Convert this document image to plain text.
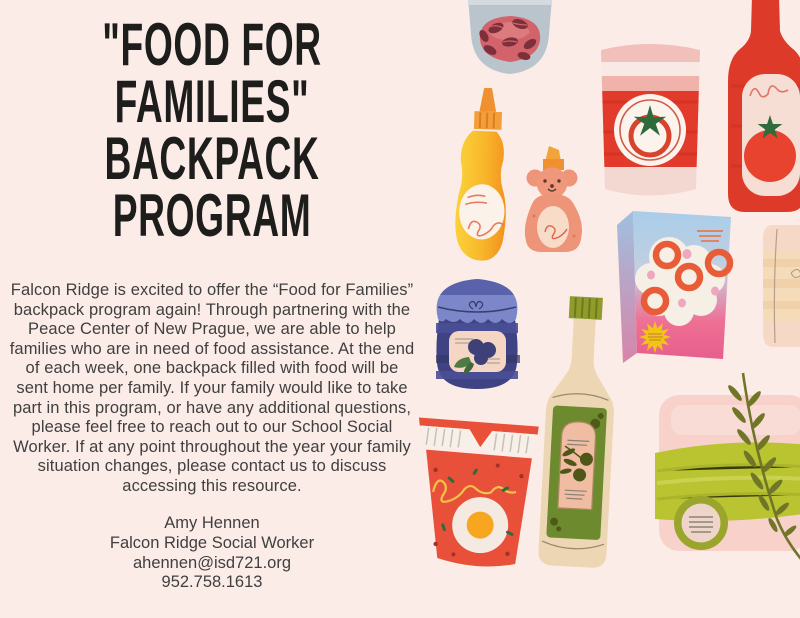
"FOOD FOR
FAMILIES"
BACKPACK
PROGRAM
Falcon Ridge is excited to offer the “Food for Families” backpack program again! Through partnering with the Peace Center of New Prague, we are able to help families who are in need of food assistance. At the end of each week, one backpack filled with food will be sent home per family. If your family would like to take part in this program, or have any additional questions, please feel free to reach out to our School Social Worker. If at any point throughout the year your family situation changes, please contact us to discuss accessing this resource.
Amy Hennen
Falcon Ridge Social Worker
ahennen@isd721.org
952.758.1613
